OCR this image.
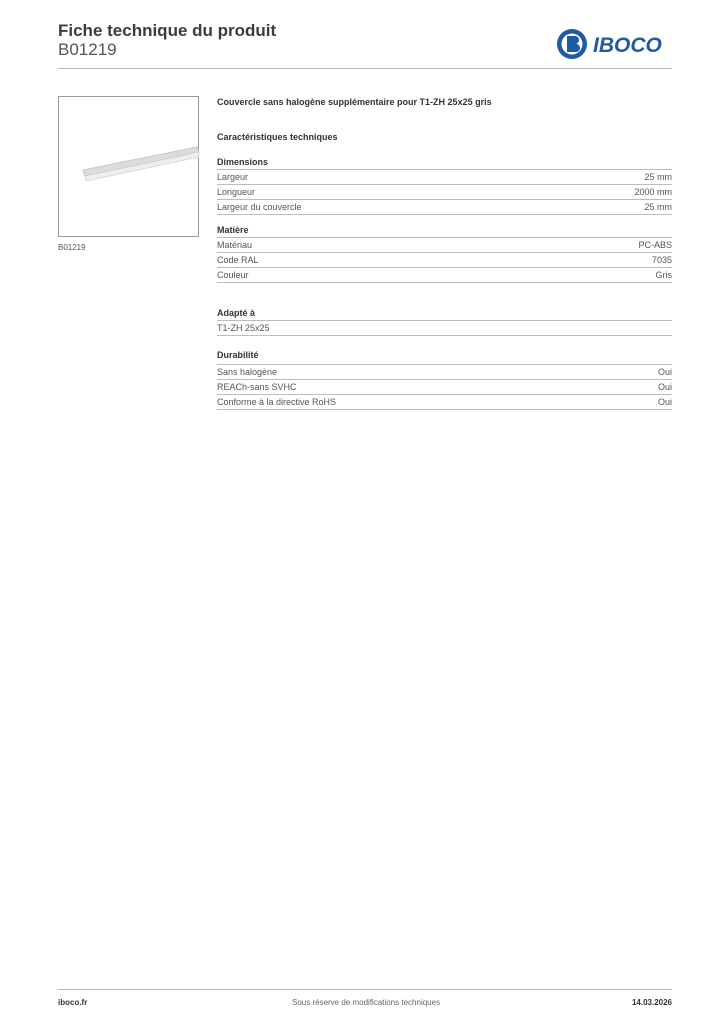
Fiche technique du produit
B01219	IBOCO
B01219
Couvercle sans halogène supplémentaire pour T1-ZH 25x25 gris
Caractéristiques techniques
Dimensions
Largeur	25 mm
Longueur	2000 mm
Largeur du couvercle	25 mm
Matière
Matériau	PC-ABS
Code RAL	7035
Couleur	Gris
Adapté à
T1-ZH 25x25
Durabilité
Sans halogène	Oui
REACh-sans SVHC	Oui
Conforme à la directive RoHS	Oui
iboco.fr	Sous réserve de modifications techniques	14.03.2026
